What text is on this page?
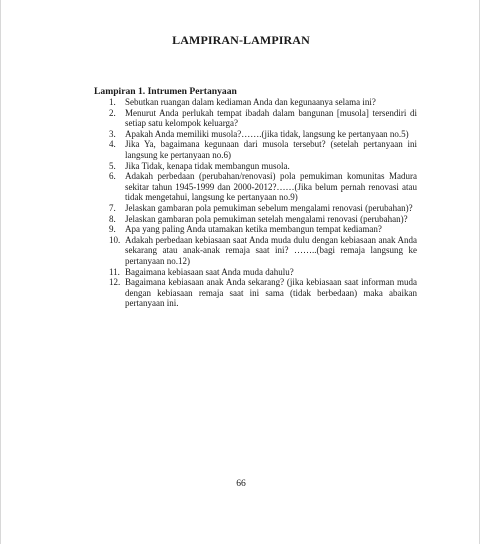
LAMPIRAN-LAMPIRAN
Lampiran 1. Intrumen Pertanyaan
1.	Sebutkan ruangan dalam kediaman Anda dan kegunaanya selama ini?
2.	Menurut Anda perlukah tempat ibadah dalam bangunan [musola] tersendiri di setiap satu kelompok keluarga?
3.	Apakah Anda memiliki musola?…….(jika tidak, langsung ke pertanyaan no.5)
4.	Jika Ya, bagaimana kegunaan dari musola tersebut? (setelah pertanyaan ini langsung ke pertanyaan no.6)
5.	Jika Tidak, kenapa tidak membangun musola.
6.	Adakah perbedaan (perubahan/renovasi) pola pemukiman komunitas Madura sekitar tahun 1945-1999 dan 2000-2012?……(Jika belum pernah renovasi atau tidak mengetahui, langsung ke pertanyaan no.9)
7.	Jelaskan gambaran pola pemukiman sebelum mengalami renovasi (perubahan)?
8.	Jelaskan gambaran pola pemukiman setelah mengalami renovasi (perubahan)?
9.	Apa yang paling Anda utamakan ketika membangun tempat kediaman?
10. Adakah perbedaan kebiasaan saat Anda muda dulu dengan kebiasaan anak Anda sekarang atau anak-anak remaja saat ini? ……..(bagi remaja langsung ke pertanyaan no.12)
11. Bagaimana kebiasaan saat Anda muda dahulu?
12. Bagaimana kebiasaan anak Anda sekarang? (jika kebiasaan saat informan muda dengan kebiasaan remaja saat ini sama (tidak berbedaan) maka abaikan pertanyaan ini.
66
